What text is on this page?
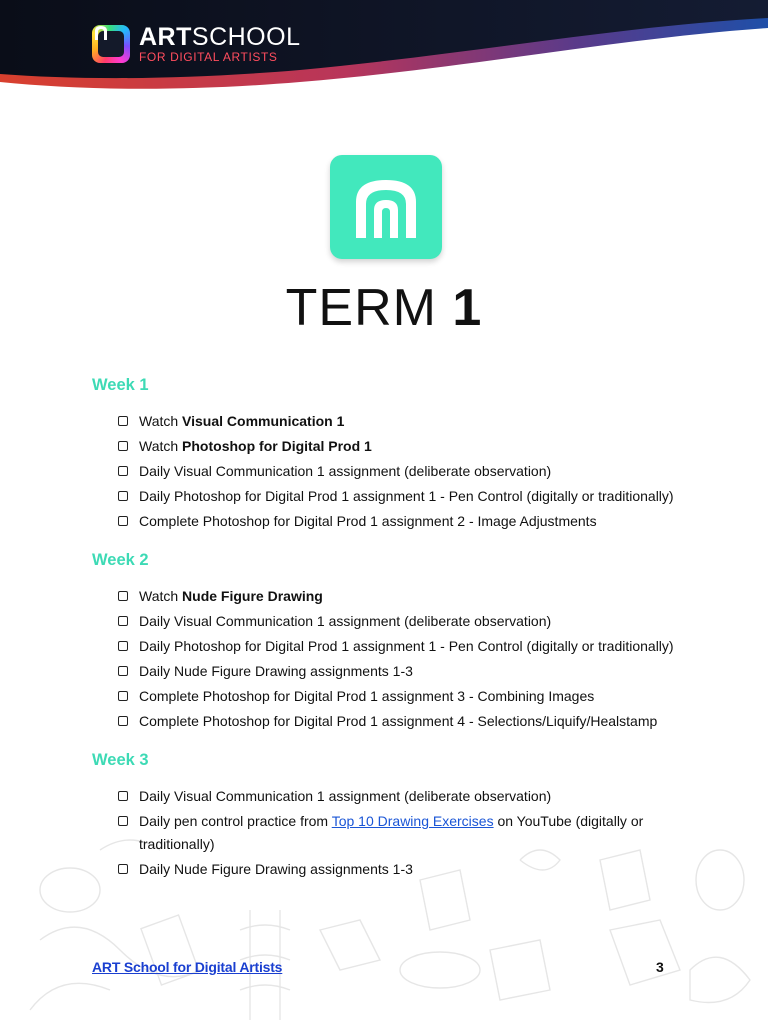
ARTSCHOOL
FOR DIGITAL ARTISTS
TERM 1
Week 1
Watch Visual Communication 1
Watch Photoshop for Digital Prod 1
Daily Visual Communication 1 assignment (deliberate observation)
Daily Photoshop for Digital Prod 1 assignment 1 - Pen Control (digitally or traditionally)
Complete Photoshop for Digital Prod 1 assignment 2 - Image Adjustments
Week 2
Watch Nude Figure Drawing
Daily Visual Communication 1 assignment (deliberate observation)
Daily Photoshop for Digital Prod 1 assignment 1 - Pen Control (digitally or traditionally)
Daily Nude Figure Drawing assignments 1-3
Complete Photoshop for Digital Prod 1 assignment 3 - Combining Images
Complete Photoshop for Digital Prod 1 assignment 4 - Selections/Liquify/Healstamp
Week 3
Daily Visual Communication 1 assignment (deliberate observation)
Daily pen control practice from Top 10 Drawing Exercises on YouTube (digitally or traditionally)
Daily Nude Figure Drawing assignments 1-3
ART School for Digital Artists	3
